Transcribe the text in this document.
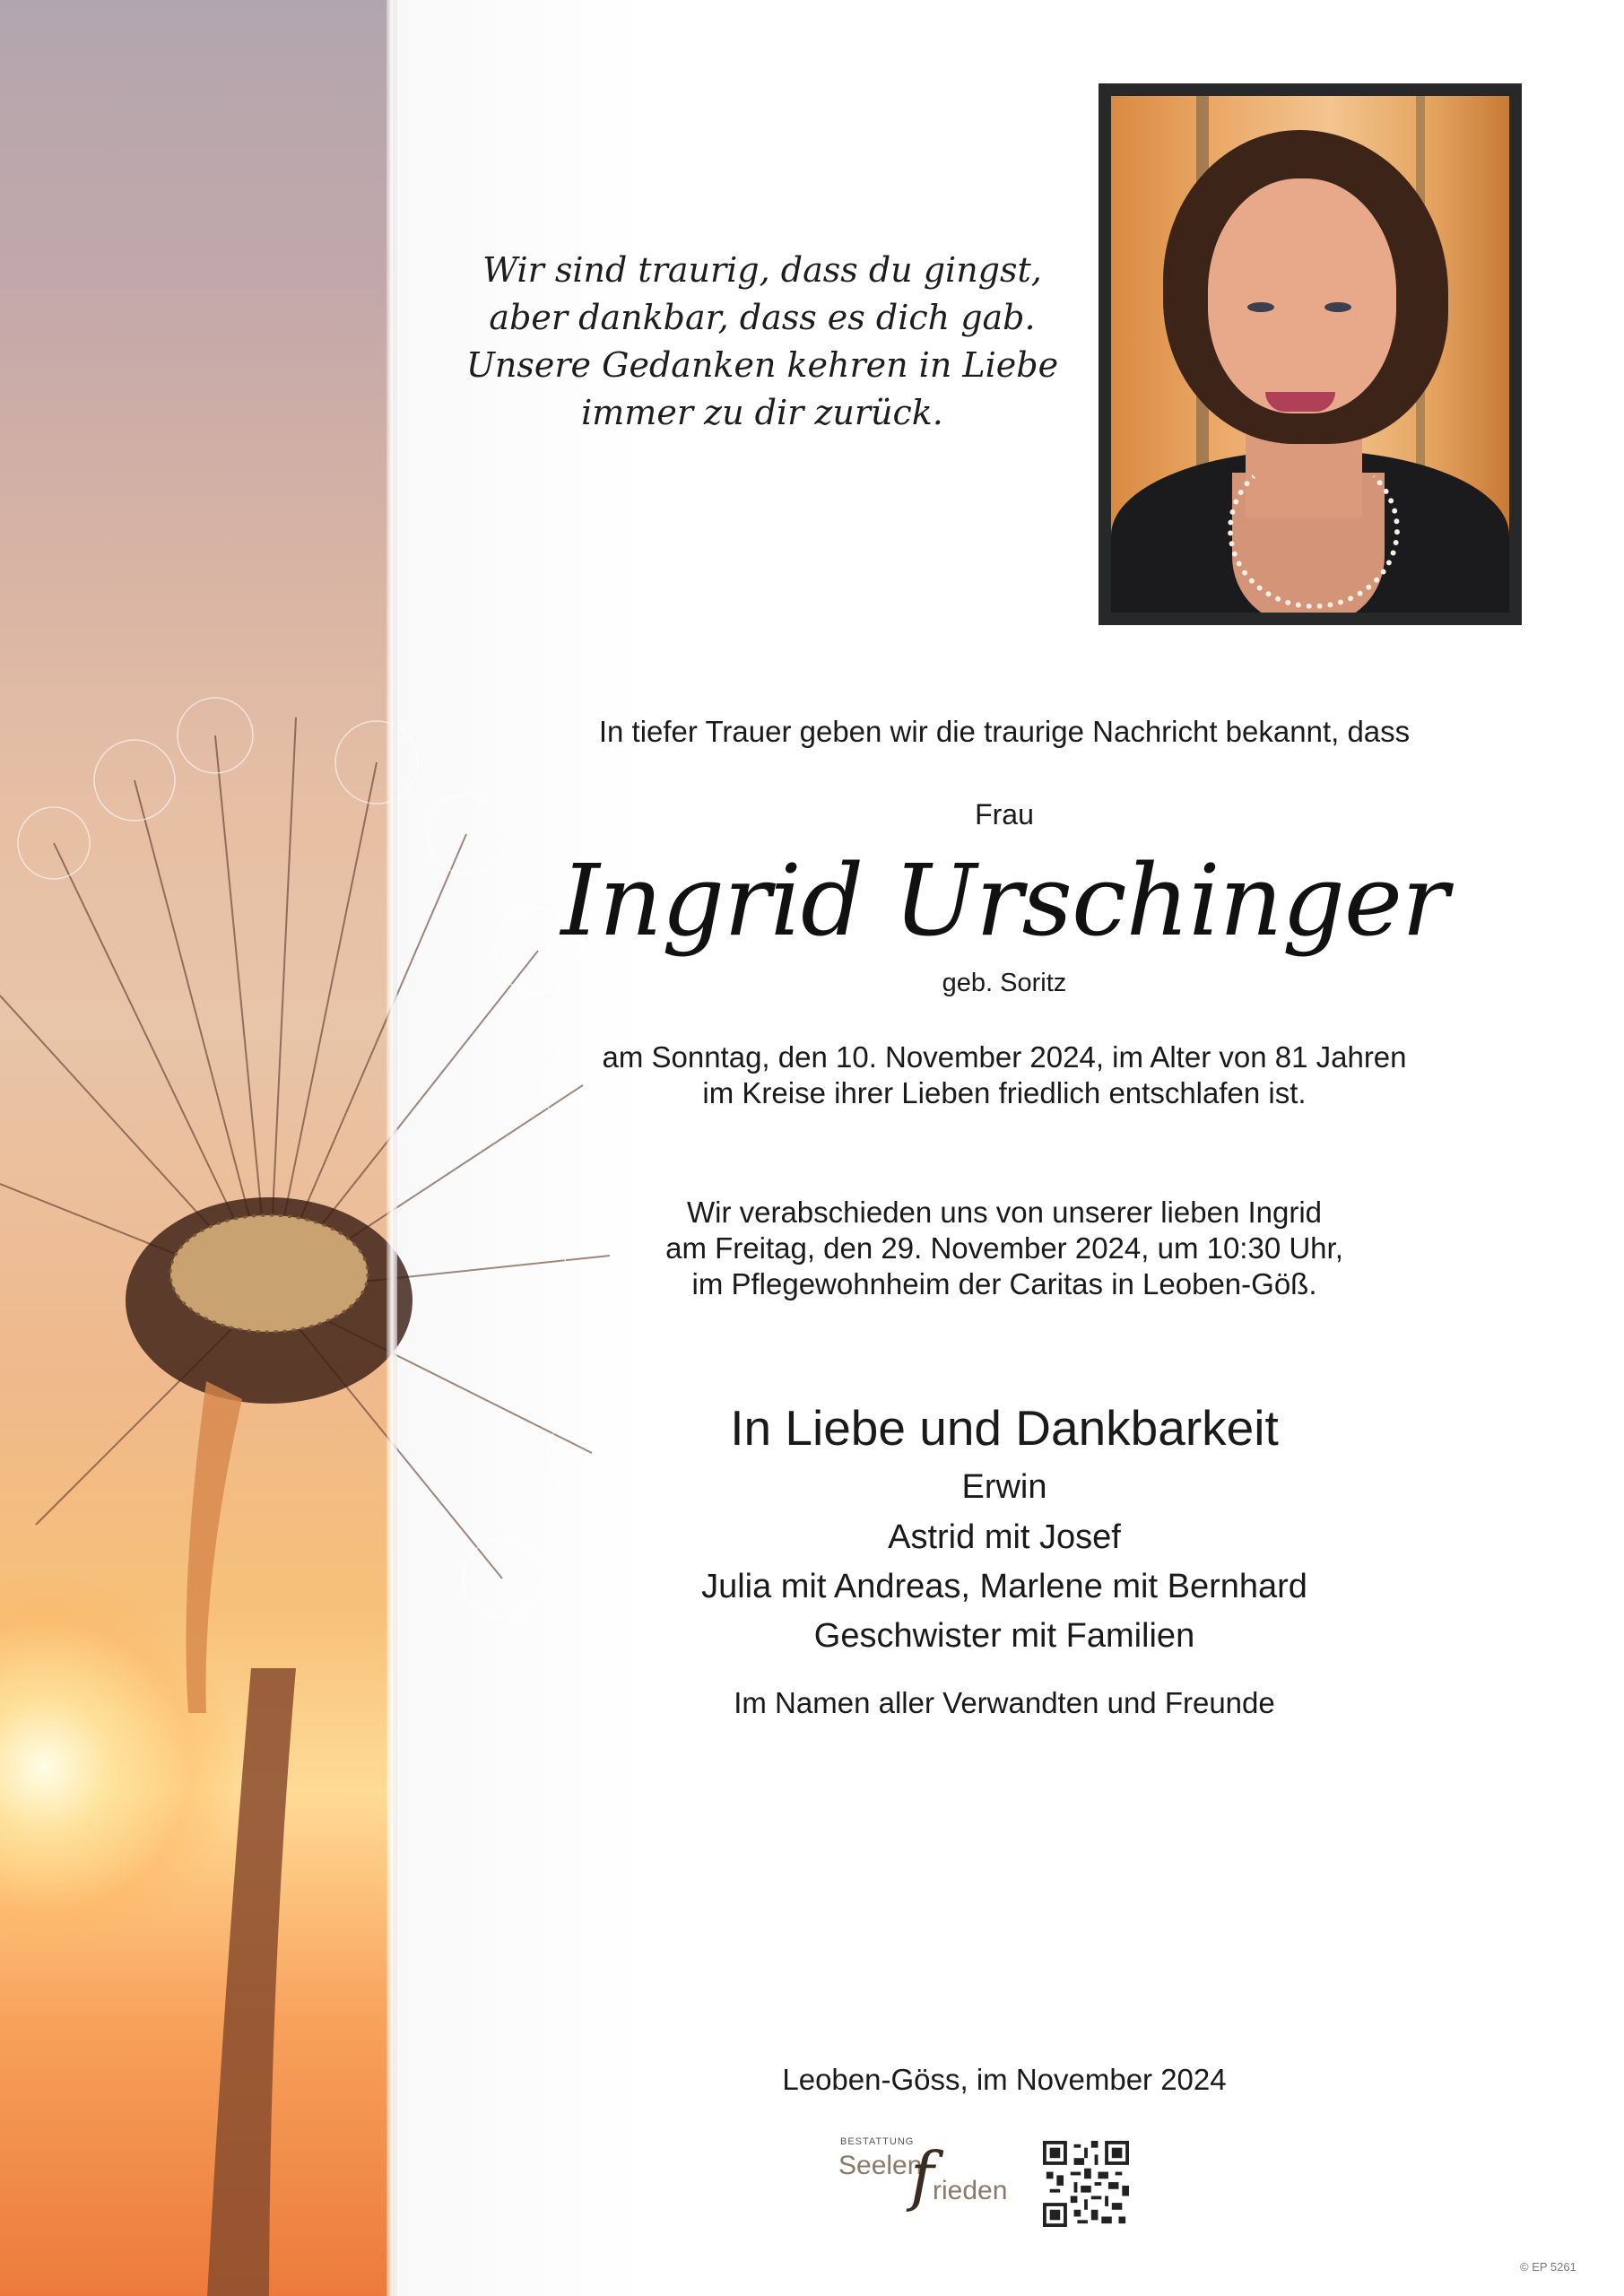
Wir sind traurig, dass du gingst,
aber dankbar, dass es dich gab.
Unsere Gedanken kehren in Liebe
immer zu dir zurück.
In tiefer Trauer geben wir die traurige Nachricht bekannt, dass
Frau
Ingrid Urschinger
geb. Soritz
am Sonntag, den 10. November 2024, im Alter von 81 Jahren
im Kreise ihrer Lieben friedlich entschlafen ist.
Wir verabschieden uns von unserer lieben Ingrid
am Freitag, den 29. November 2024, um 10:30 Uhr,
im Pflegewohnheim der Caritas in Leoben-Göß.
In Liebe und Dankbarkeit
Erwin
Astrid mit Josef
Julia mit Andreas, Marlene mit Bernhard
Geschwister mit Familien
Im Namen aller Verwandten und Freunde
Leoben-Göss, im November 2024
BESTATTUNG
Seelen
f
rieden
© EP 5261
